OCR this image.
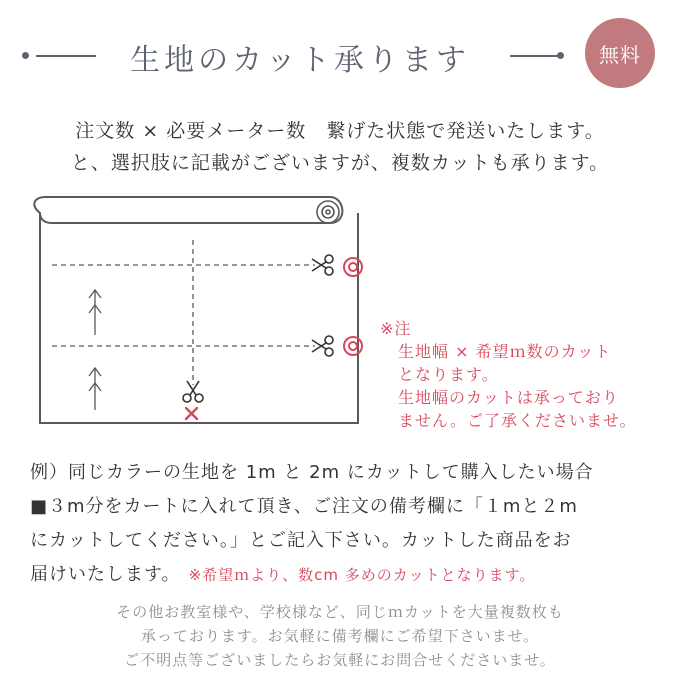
生地のカット承ります	無料
注文数 × 必要メーター数　繋げた状態で発送いたします。
と、選択肢に記載がございますが、複数カットも承ります。
※注
生地幅 × 希望ｍ数のカット
となります。
生地幅のカットは承っており
ません。ご了承くださいませ。
例）同じカラーの生地を 1m と 2m にカットして購入したい場合
■３m分をカートに入れて頂き、ご注文の備考欄に「１mと２m
にカットしてください。」とご記入下さい。カットした商品をお
届けいたします。 ※希望ｍより、数cm 多めのカットとなります。
その他お教室様や、学校様など、同じｍカットを大量複数枚も
承っております。お気軽に備考欄にご希望下さいませ。
ご不明点等ございましたらお気軽にお問合せくださいませ。
